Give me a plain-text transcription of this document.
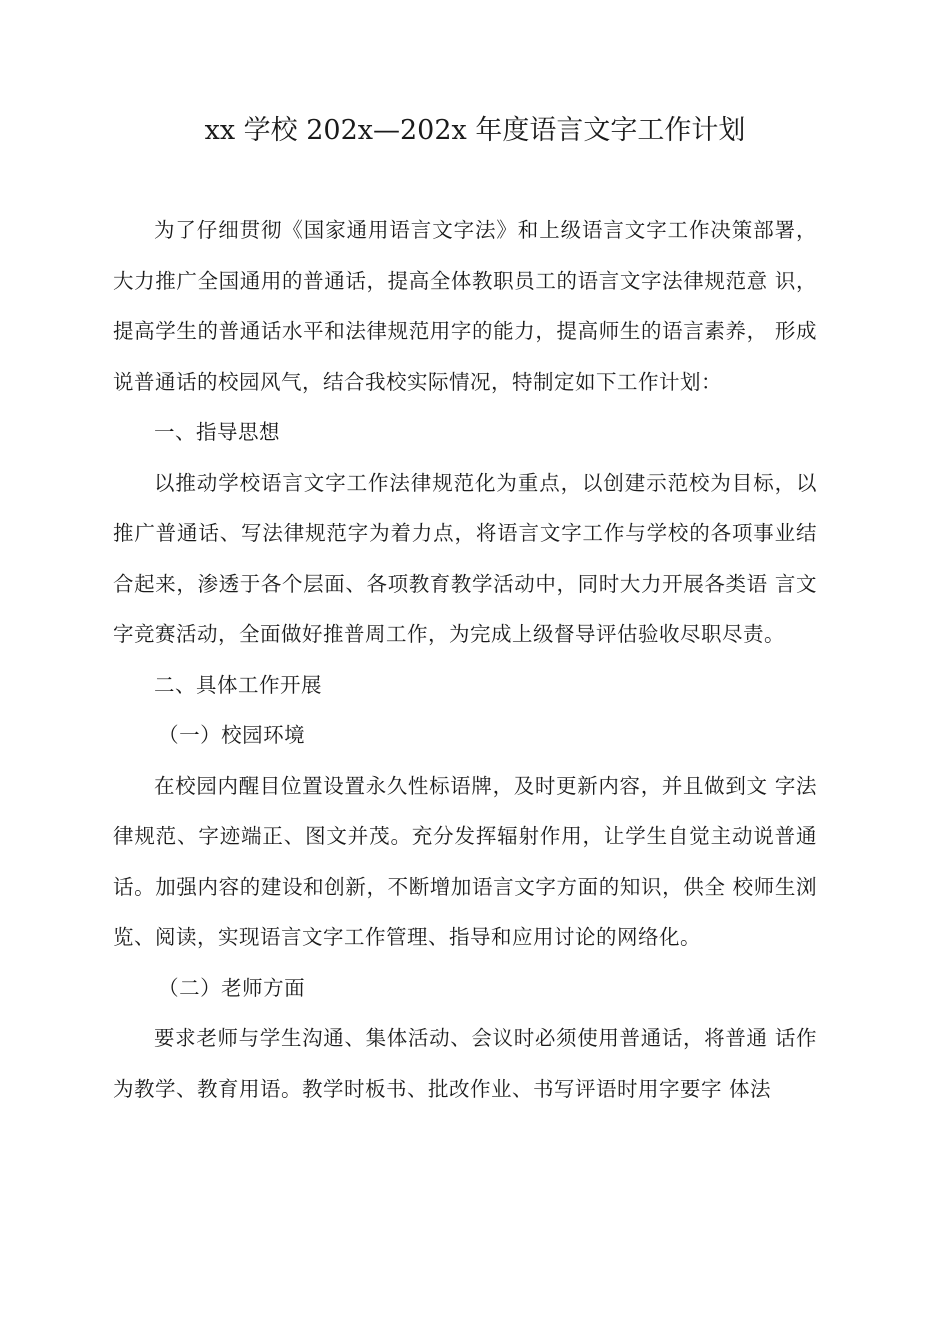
xx 学校 202x—202x 年度语言文字工作计划

为了仔细贯彻《国家通用语言文字法》和上级语言文字工作决策部署，大力推广全国通用的普通话，提高全体教职员工的语言文字法律规范意 识，提高学生的普通话水平和法律规范用字的能力，提高师生的语言素养， 形成说普通话的校园风气，结合我校实际情况，特制定如下工作计划：

一、指导思想

以推动学校语言文字工作法律规范化为重点，以创建示范校为目标，以 推广普通话、写法律规范字为着力点，将语言文字工作与学校的各项事业结 合起来，渗透于各个层面、各项教育教学活动中，同时大力开展各类语 言文字竞赛活动，全面做好推普周工作，为完成上级督导评估验收尽职尽责。

二、具体工作开展

（一）校园环境

在校园内醒目位置设置永久性标语牌，及时更新内容，并且做到文 字法律规范、字迹端正、图文并茂。充分发挥辐射作用，让学生自觉主动说普通话。加强内容的建设和创新，不断增加语言文字方面的知识，供全 校师生浏览、阅读，实现语言文字工作管理、指导和应用讨论的网络化。

（二）老师方面

要求老师与学生沟通、集体活动、会议时必须使用普通话，将普通 话作为教学、教育用语。教学时板书、批改作业、书写评语时用字要字 体法
